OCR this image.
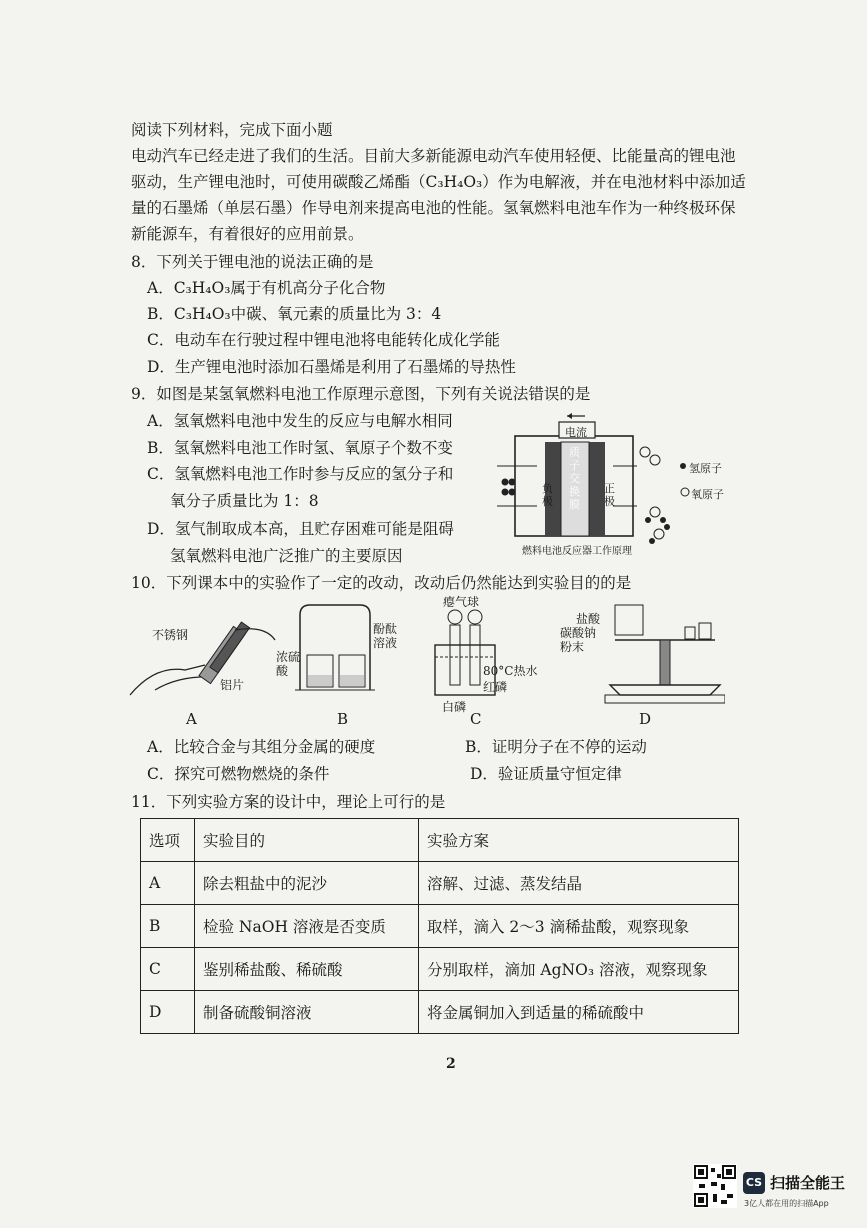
阅读下列材料，完成下面小题
电动汽车已经走进了我们的生活。目前大多新能源电动汽车使用轻便、比能量高的锂电池
驱动，生产锂电池时，可使用碳酸乙烯酯（C₃H₄O₃）作为电解液，并在电池材料中添加适
量的石墨烯（单层石墨）作导电剂来提高电池的性能。氢氧燃料电池车作为一种终极环保
新能源车，有着很好的应用前景。
8．下列关于锂电池的说法正确的是
A．C₃H₄O₃属于有机高分子化合物
B．C₃H₄O₃中碳、氧元素的质量比为 3：4
C．电动车在行驶过程中锂电池将电能转化成化学能
D．生产锂电池时添加石墨烯是利用了石墨烯的导热性
9．如图是某氢氧燃料电池工作原理示意图，下列有关说法错误的是
A．氢氧燃料电池中发生的反应与电解水相同
B．氢氧燃料电池工作时氢、氧原子个数不变
C．氢氧燃料电池工作时参与反应的氢分子和
氧分子质量比为 1：8
D．氢气制取成本高，且贮存困难可能是阻碍
氢氧燃料电池广泛推广的主要原因
电流
负极
正极
质子交换膜
氢原子
氧原子
燃料电池反应器工作原理
10．下列课本中的实验作了一定的改动，改动后仍然能达到实验目的的是
不锈钢
铝片
浓硫酸
酚酞溶液
瘪气球
80°C热水
红磷
白磷
盐酸
碳酸钠粉末
A	B	C	D
A．比较合金与其组分金属的硬度	B．证明分子在不停的运动
C．探究可燃物燃烧的条件	D．验证质量守恒定律
11．下列实验方案的设计中，理论上可行的是
选项	实验目的	实验方案
A	除去粗盐中的泥沙	溶解、过滤、蒸发结晶
B	检验 NaOH 溶液是否变质	取样，滴入 2～3 滴稀盐酸，观察现象
C	鉴别稀盐酸、稀硫酸	分别取样，滴加 AgNO₃ 溶液，观察现象
D	制备硫酸铜溶液	将金属铜加入到适量的稀硫酸中
2
CS 扫描全能王
3亿人都在用的扫描App
